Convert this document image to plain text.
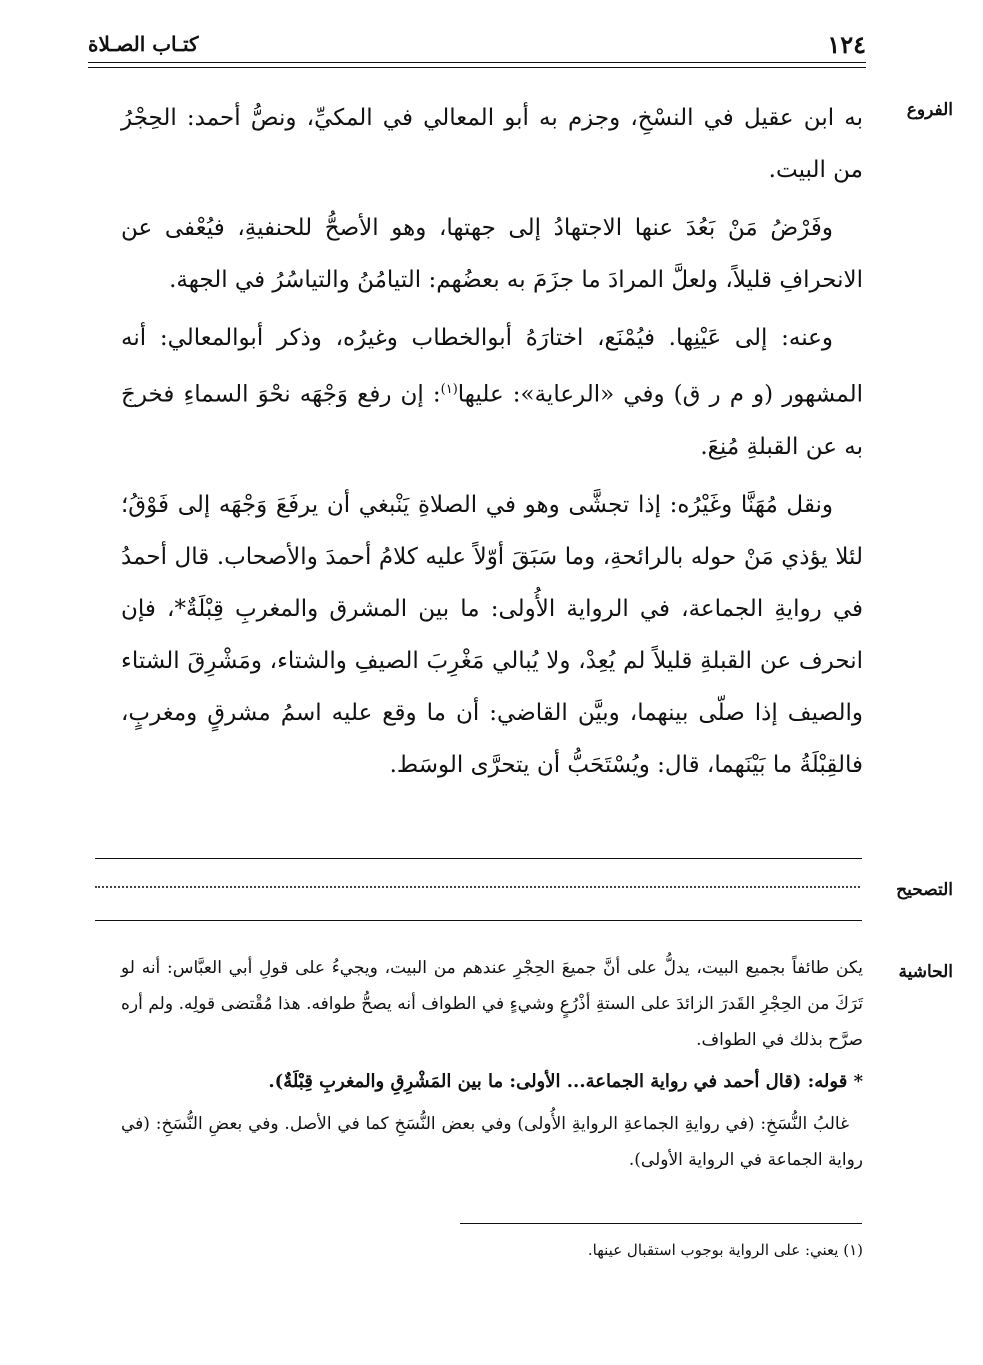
١٢٤
كتـاب الصـلاة
الفروع
التصحيح
الحاشية

به ابن عقيل في النسْخِ، وجزم به أبو المعالي في المكيِّ، ونصُّ أحمد: الحِجْرُ من البيت.

وفَرْضُ مَنْ بَعُدَ عنها الاجتهادُ إلى جهتها، وهو الأصحُّ للحنفيةِ، فيُعْفى عن الانحرافِ قليلاً، ولعلَّ المرادَ ما جزَمَ به بعضُهم: التيامُنُ والتياسُرُ في الجهة.

وعنه: إلى عَيْنِها. فيُمْنَع، اختارَهُ أبوالخطاب وغيرُه، وذكر أبوالمعالي: أنه المشهور (و م ر ق) وفي «الرعاية»: عليها$^{(١)}$: إن رفع وَجْهَه نحْوَ السماءِ فخرجَ به عن القبلةِ مُنِعَ.

ونقل مُهَنَّا وغَيْرُه: إذا تجشَّى وهو في الصلاةِ يَنْبغي أن يرفَعَ وَجْهَه إلى فَوْقُ؛ لئلا يؤذي مَنْ حوله بالرائحةِ، وما سَبَقَ أوّلاً عليه كلامُ أحمدَ والأصحاب. قال أحمدُ في روايةِ الجماعة، في الرواية الأُولى: ما بين المشرق والمغربِ قِبْلَةٌ*، فإن انحرف عن القبلةِ قليلاً لم يُعِدْ، ولا يُبالي مَغْرِبَ الصيفِ والشتاء، ومَشْرِقَ الشتاء والصيف إذا صلّى بينهما، وبيَّن القاضي: أن ما وقع عليه اسمُ مشرقٍ ومغربٍ، فالقِبْلَةُ ما بَيْنَهما، قال: ويُسْتَحَبُّ أن يتحرَّى الوسَط.

يكن طائفاً بجميع البيت، يدلُّ على أنَّ جميعَ الحِجْرِ عندهم من البيت، ويجيءُ على قولِ أبي العبَّاس: أنه لو تَرَكَ من الحِجْرِ القَدرَ الزائدَ على الستةِ أذْرُعٍ وشيءٍ في الطواف أنه يصحُّ طوافه. هذا مُقْتضى قولِه. ولم أره صرَّح بذلك في الطواف.

* قوله: (قال أحمد في رواية الجماعة... الأولى: ما بين المَشْرِقِ والمغربِ قِبْلَةٌ).

غالبُ النُّسَخِ: (في روايةِ الجماعةِ الروايةِ الأُولى) وفي بعض النُّسَخِ كما في الأصل. وفي بعضِ النُّسَخِ: (في رواية الجماعة في الرواية الأولى).

(١) يعني: على الرواية بوجوب استقبال عينها.
